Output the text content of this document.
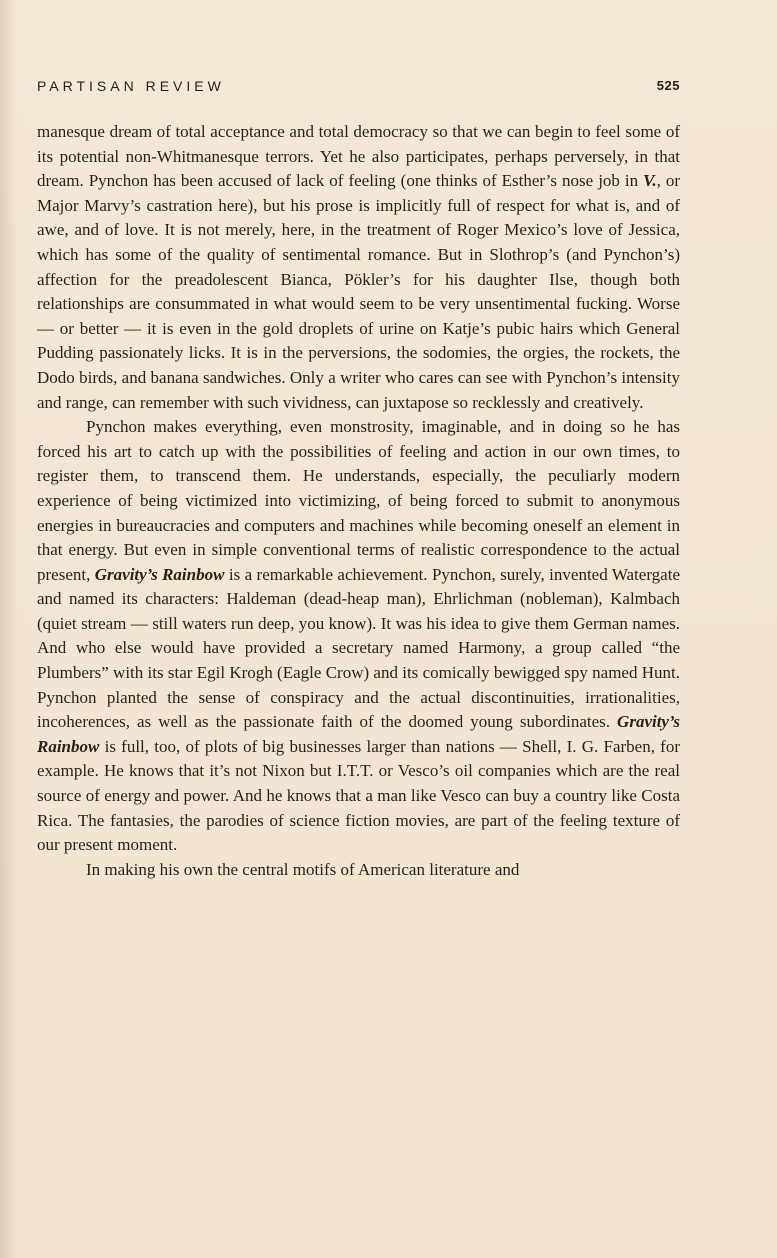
PARTISAN REVIEW	525

manesque dream of total acceptance and total democracy so that we can begin to feel some of its potential non-Whitmanesque terrors. Yet he also participates, perhaps perversely, in that dream. Pynchon has been accused of lack of feeling (one thinks of Esther’s nose job in V., or Major Marvy’s castration here), but his prose is implicitly full of respect for what is, and of awe, and of love. It is not merely, here, in the treatment of Roger Mexico’s love of Jessica, which has some of the quality of sentimental romance. But in Slothrop’s (and Pynchon’s) affection for the preadolescent Bianca, Pökler’s for his daughter Ilse, though both relationships are consummated in what would seem to be very unsentimental fucking. Worse — or better — it is even in the gold droplets of urine on Katje’s pubic hairs which General Pudding passionately licks. It is in the perversions, the sodomies, the orgies, the rockets, the Dodo birds, and banana sandwiches. Only a writer who cares can see with Pynchon’s intensity and range, can remember with such vividness, can juxtapose so recklessly and creatively.

Pynchon makes everything, even monstrosity, imaginable, and in doing so he has forced his art to catch up with the possibilities of feeling and action in our own times, to register them, to transcend them. He understands, especially, the peculiarly modern experience of being victimized into victimizing, of being forced to submit to anonymous energies in bureaucracies and computers and machines while becoming oneself an element in that energy. But even in simple conventional terms of realistic correspondence to the actual present, Gravity’s Rainbow is a remarkable achievement. Pynchon, surely, invented Watergate and named its characters: Haldeman (dead-heap man), Ehrlichman (nobleman), Kalmbach (quiet stream — still waters run deep, you know). It was his idea to give them German names. And who else would have provided a secretary named Harmony, a group called “the Plumbers” with its star Egil Krogh (Eagle Crow) and its comically bewigged spy named Hunt. Pynchon planted the sense of conspiracy and the actual discontinuities, irrationalities, incoherences, as well as the passionate faith of the doomed young subordinates. Gravity’s Rainbow is full, too, of plots of big businesses larger than nations — Shell, I. G. Farben, for example. He knows that it’s not Nixon but I.T.T. or Vesco’s oil companies which are the real source of energy and power. And he knows that a man like Vesco can buy a country like Costa Rica. The fantasies, the parodies of science fiction movies, are part of the feeling texture of our present moment.

In making his own the central motifs of American literature and
